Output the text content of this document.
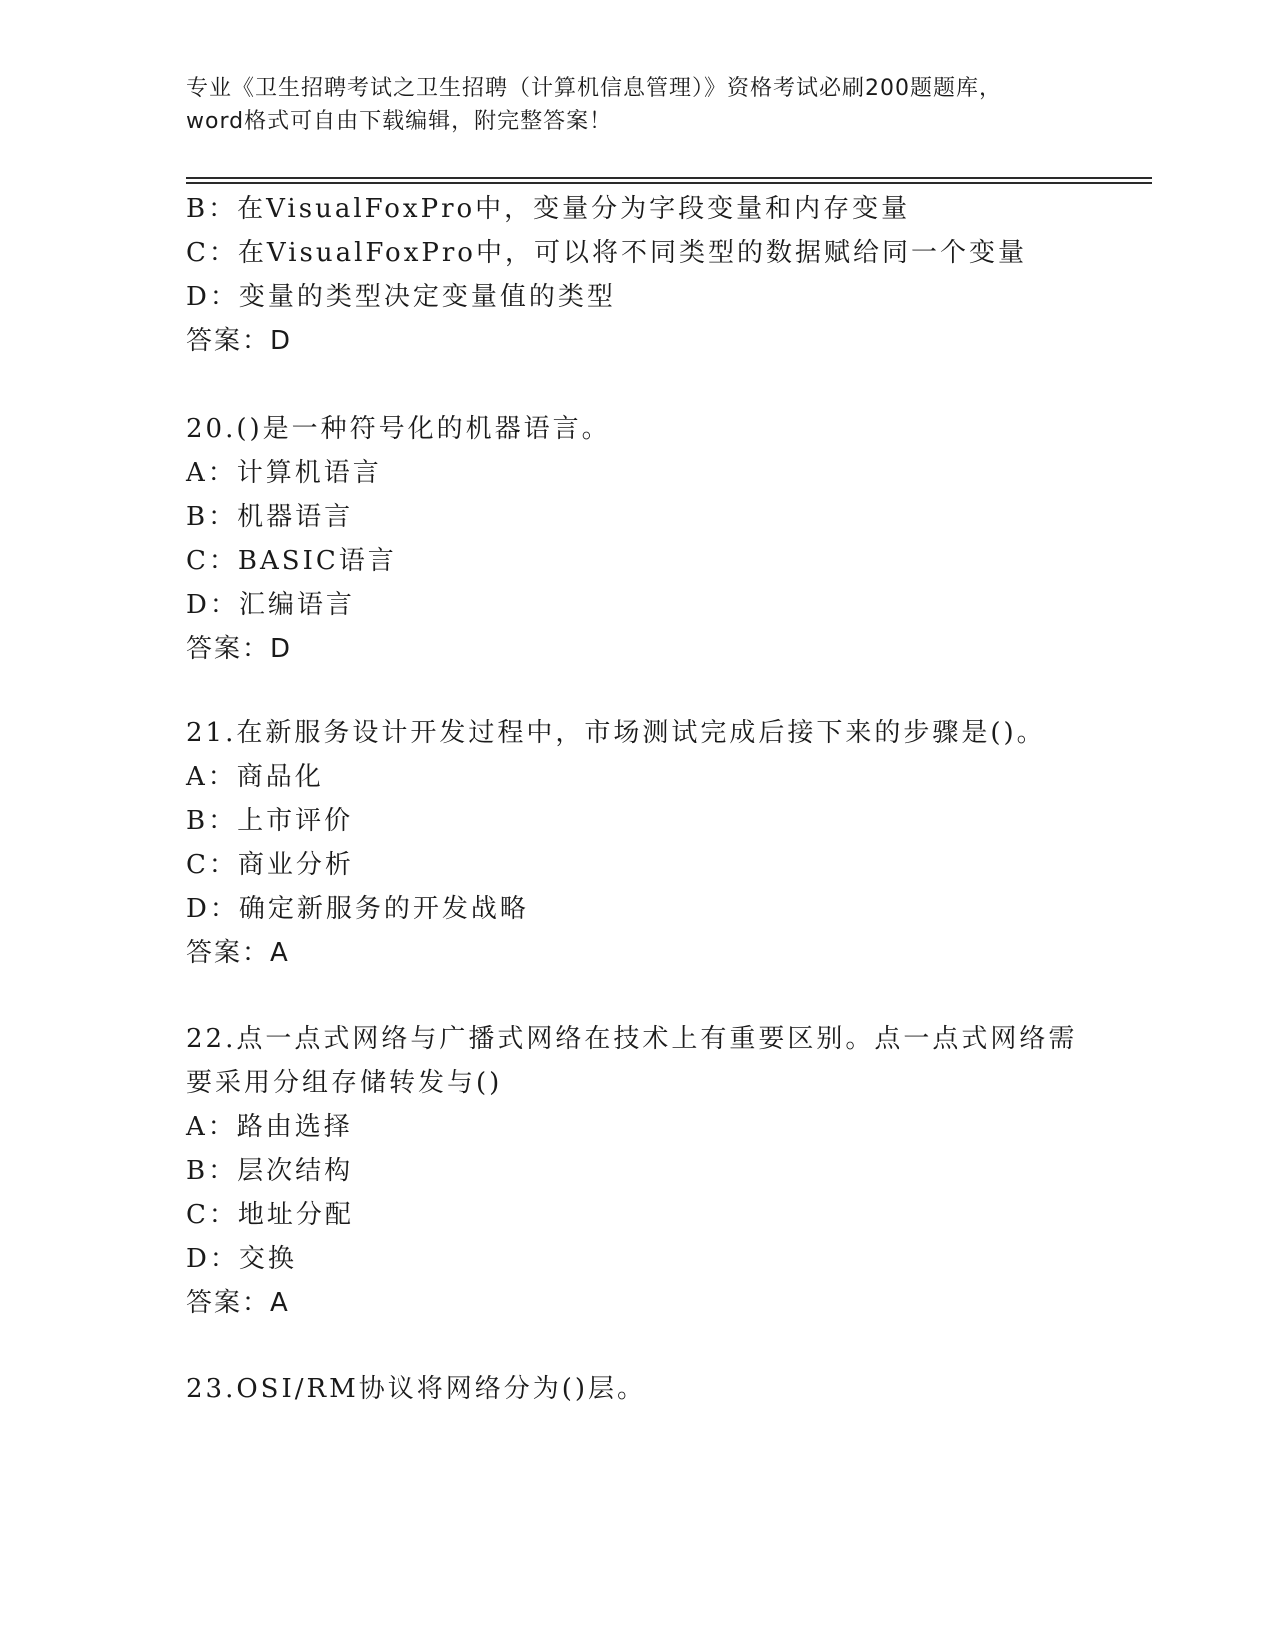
专业《卫生招聘考试之卫生招聘（计算机信息管理）》资格考试必刷200题题库，
word格式可自由下载编辑，附完整答案！
B：在VisualFoxPro中，变量分为字段变量和内存变量
C：在VisualFoxPro中，可以将不同类型的数据赋给同一个变量
D：变量的类型决定变量值的类型
答案：D
20.()是一种符号化的机器语言。
A：计算机语言
B：机器语言
C：BASIC语言
D：汇编语言
答案：D
21.在新服务设计开发过程中，市场测试完成后接下来的步骤是()。
A：商品化
B：上市评价
C：商业分析
D：确定新服务的开发战略
答案：A
22.点一点式网络与广播式网络在技术上有重要区别。点一点式网络需
要采用分组存储转发与()
A：路由选择
B：层次结构
C：地址分配
D：交换
答案：A
23.OSI/RM协议将网络分为()层。
